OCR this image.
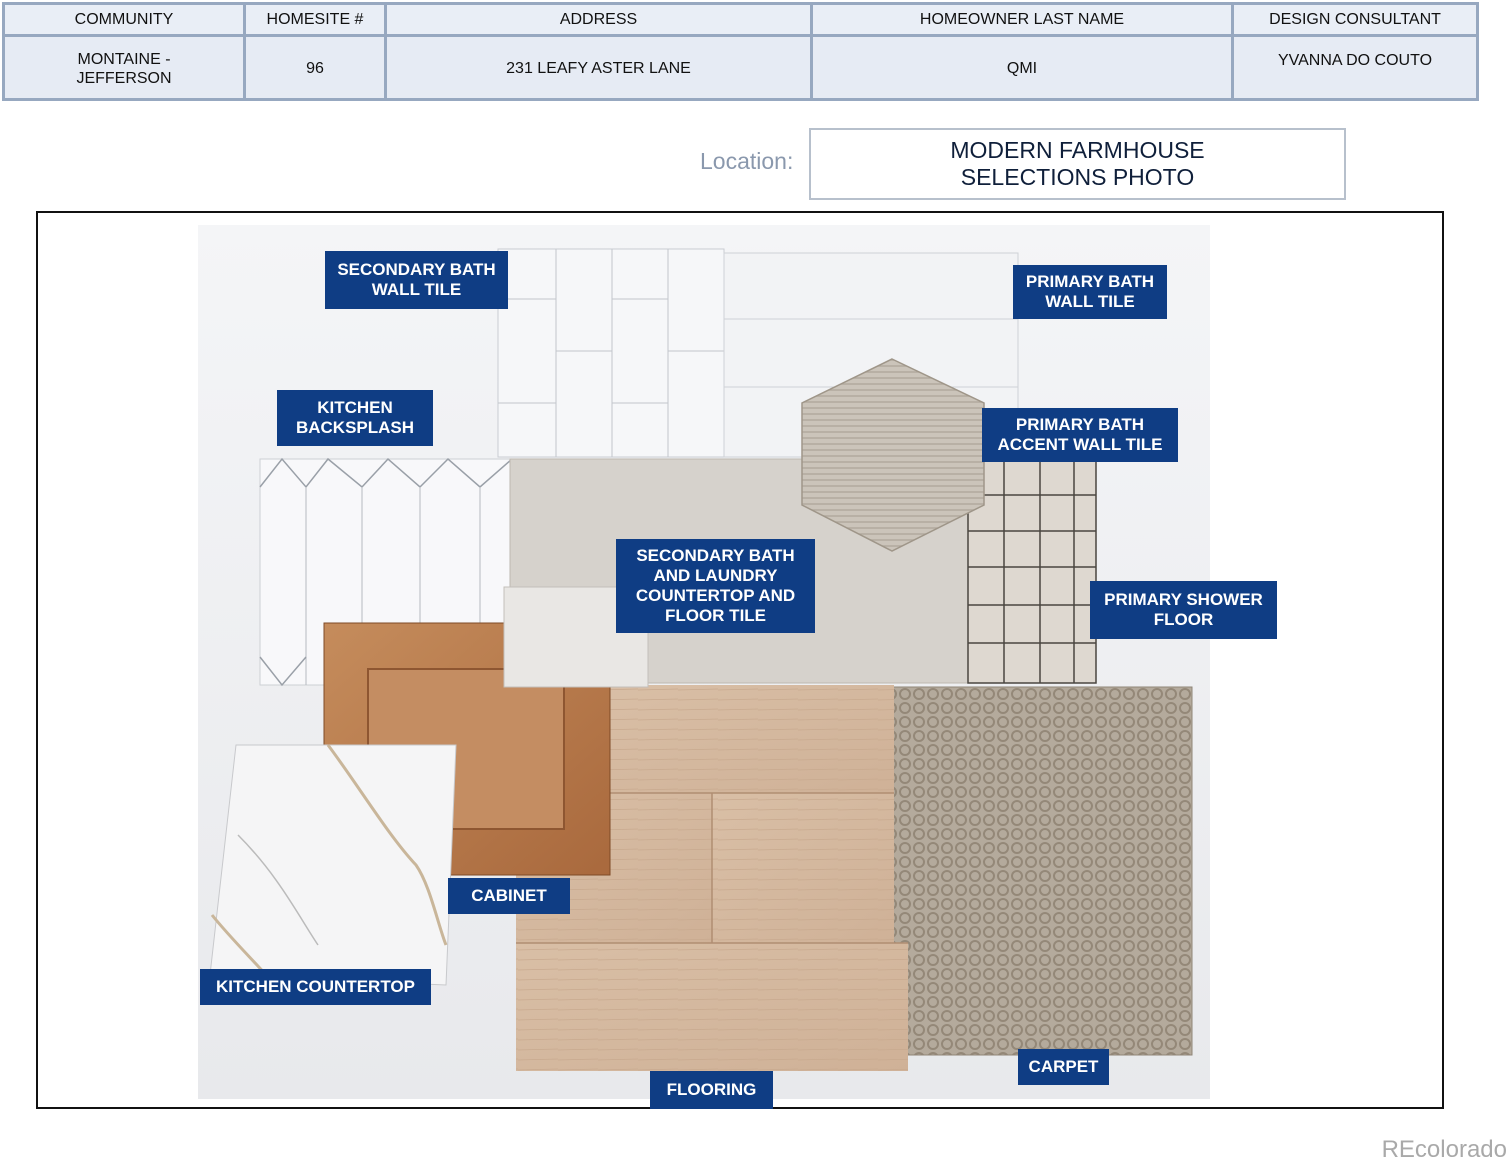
COMMUNITY	HOMESITE #	ADDRESS	HOMEOWNER LAST NAME	DESIGN CONSULTANT
MONTAINE -
JEFFERSON
96	231 LEAFY ASTER LANE	QMI	YVANNA DO COUTO
Location:	MODERN FARMHOUSE
SELECTIONS PHOTO
SECONDARY BATH
WALL TILE	PRIMARY BATH
WALL TILE
KITCHEN
BACKSPLASH	PRIMARY BATH
ACCENT WALL TILE
SECONDARY BATH
AND LAUNDRY
COUNTERTOP AND
FLOOR TILE
PRIMARY SHOWER
FLOOR
CABINET
KITCHEN COUNTERTOP
CARPET
FLOORING
REcolorado
